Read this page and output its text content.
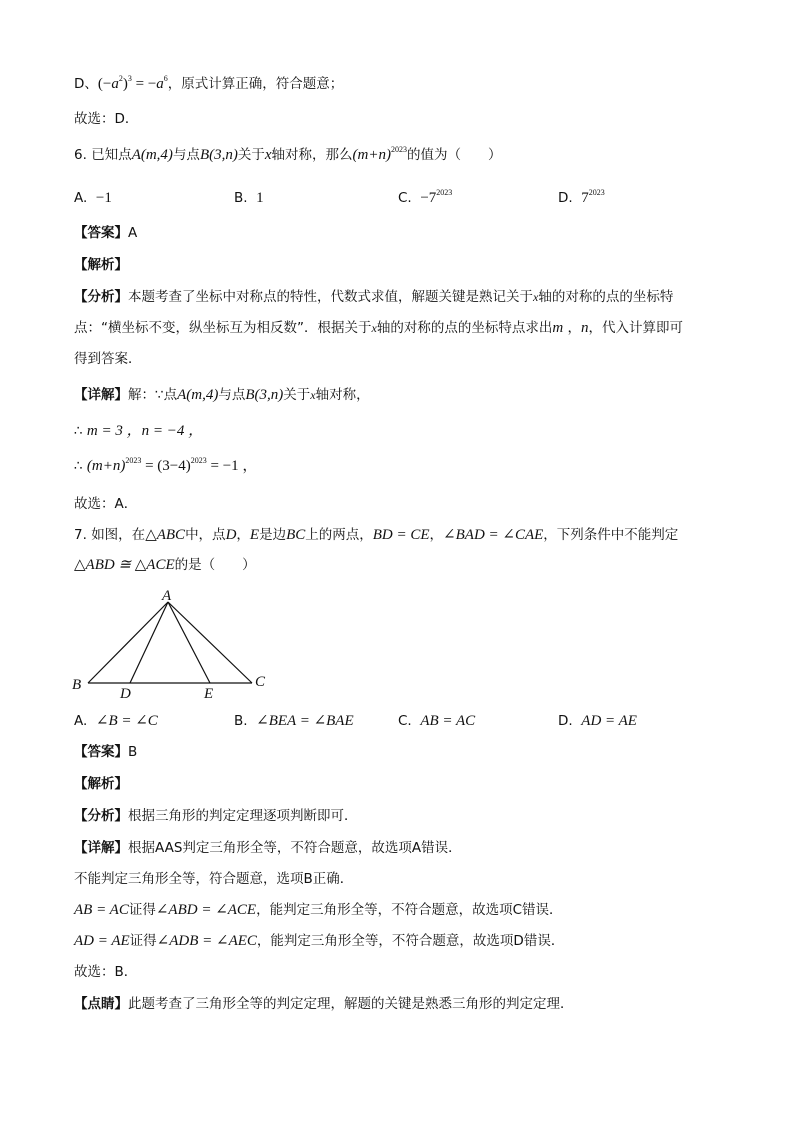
D、$(-a^2)^3 = -a^6$，原式计算正确，符合题意；
故选：D．
6. 已知点A(m,4)与点B(3,n)关于x轴对称，那么$(m+n)^{2023}$的值为（　　）
A. −1	B. 1	C. $-7^{2023}$	D. $7^{2023}$
【答案】A
【解析】
【分析】本题考查了坐标中对称点的特性，代数式求值，解题关键是熟记关于x轴的对称的点的坐标特
点：“横坐标不变，纵坐标互为相反数”．根据关于x轴的对称的点的坐标特点求出m ，n，代入计算即可
得到答案．
【详解】解：∵点A(m,4)与点B(3,n)关于x轴对称，
∴ m = 3 ，n = −4 ，
∴ $(m+n)^{2023} = (3-4)^{2023} = -1$ ，
故选：A．
7. 如图，在△ABC中，点D，E是边BC上的两点，BD = CE，∠BAD = ∠CAE，下列条件中不能判定
△ABD ≅ △ACE的是（　　）
A
B	C
D	E
A. ∠B = ∠C	B. ∠BEA = ∠BAE	C. AB = AC	D. AD = AE
【答案】B
【解析】
【分析】根据三角形的判定定理逐项判断即可．
【详解】根据AAS判定三角形全等，不符合题意，故选项A错误．
不能判定三角形全等，符合题意，选项B正确．
AB = AC证得∠ABD = ∠ACE，能判定三角形全等，不符合题意，故选项C错误．
AD = AE证得∠ADB = ∠AEC，能判定三角形全等，不符合题意，故选项D错误．
故选：B．
【点睛】此题考查了三角形全等的判定定理，解题的关键是熟悉三角形的判定定理．
